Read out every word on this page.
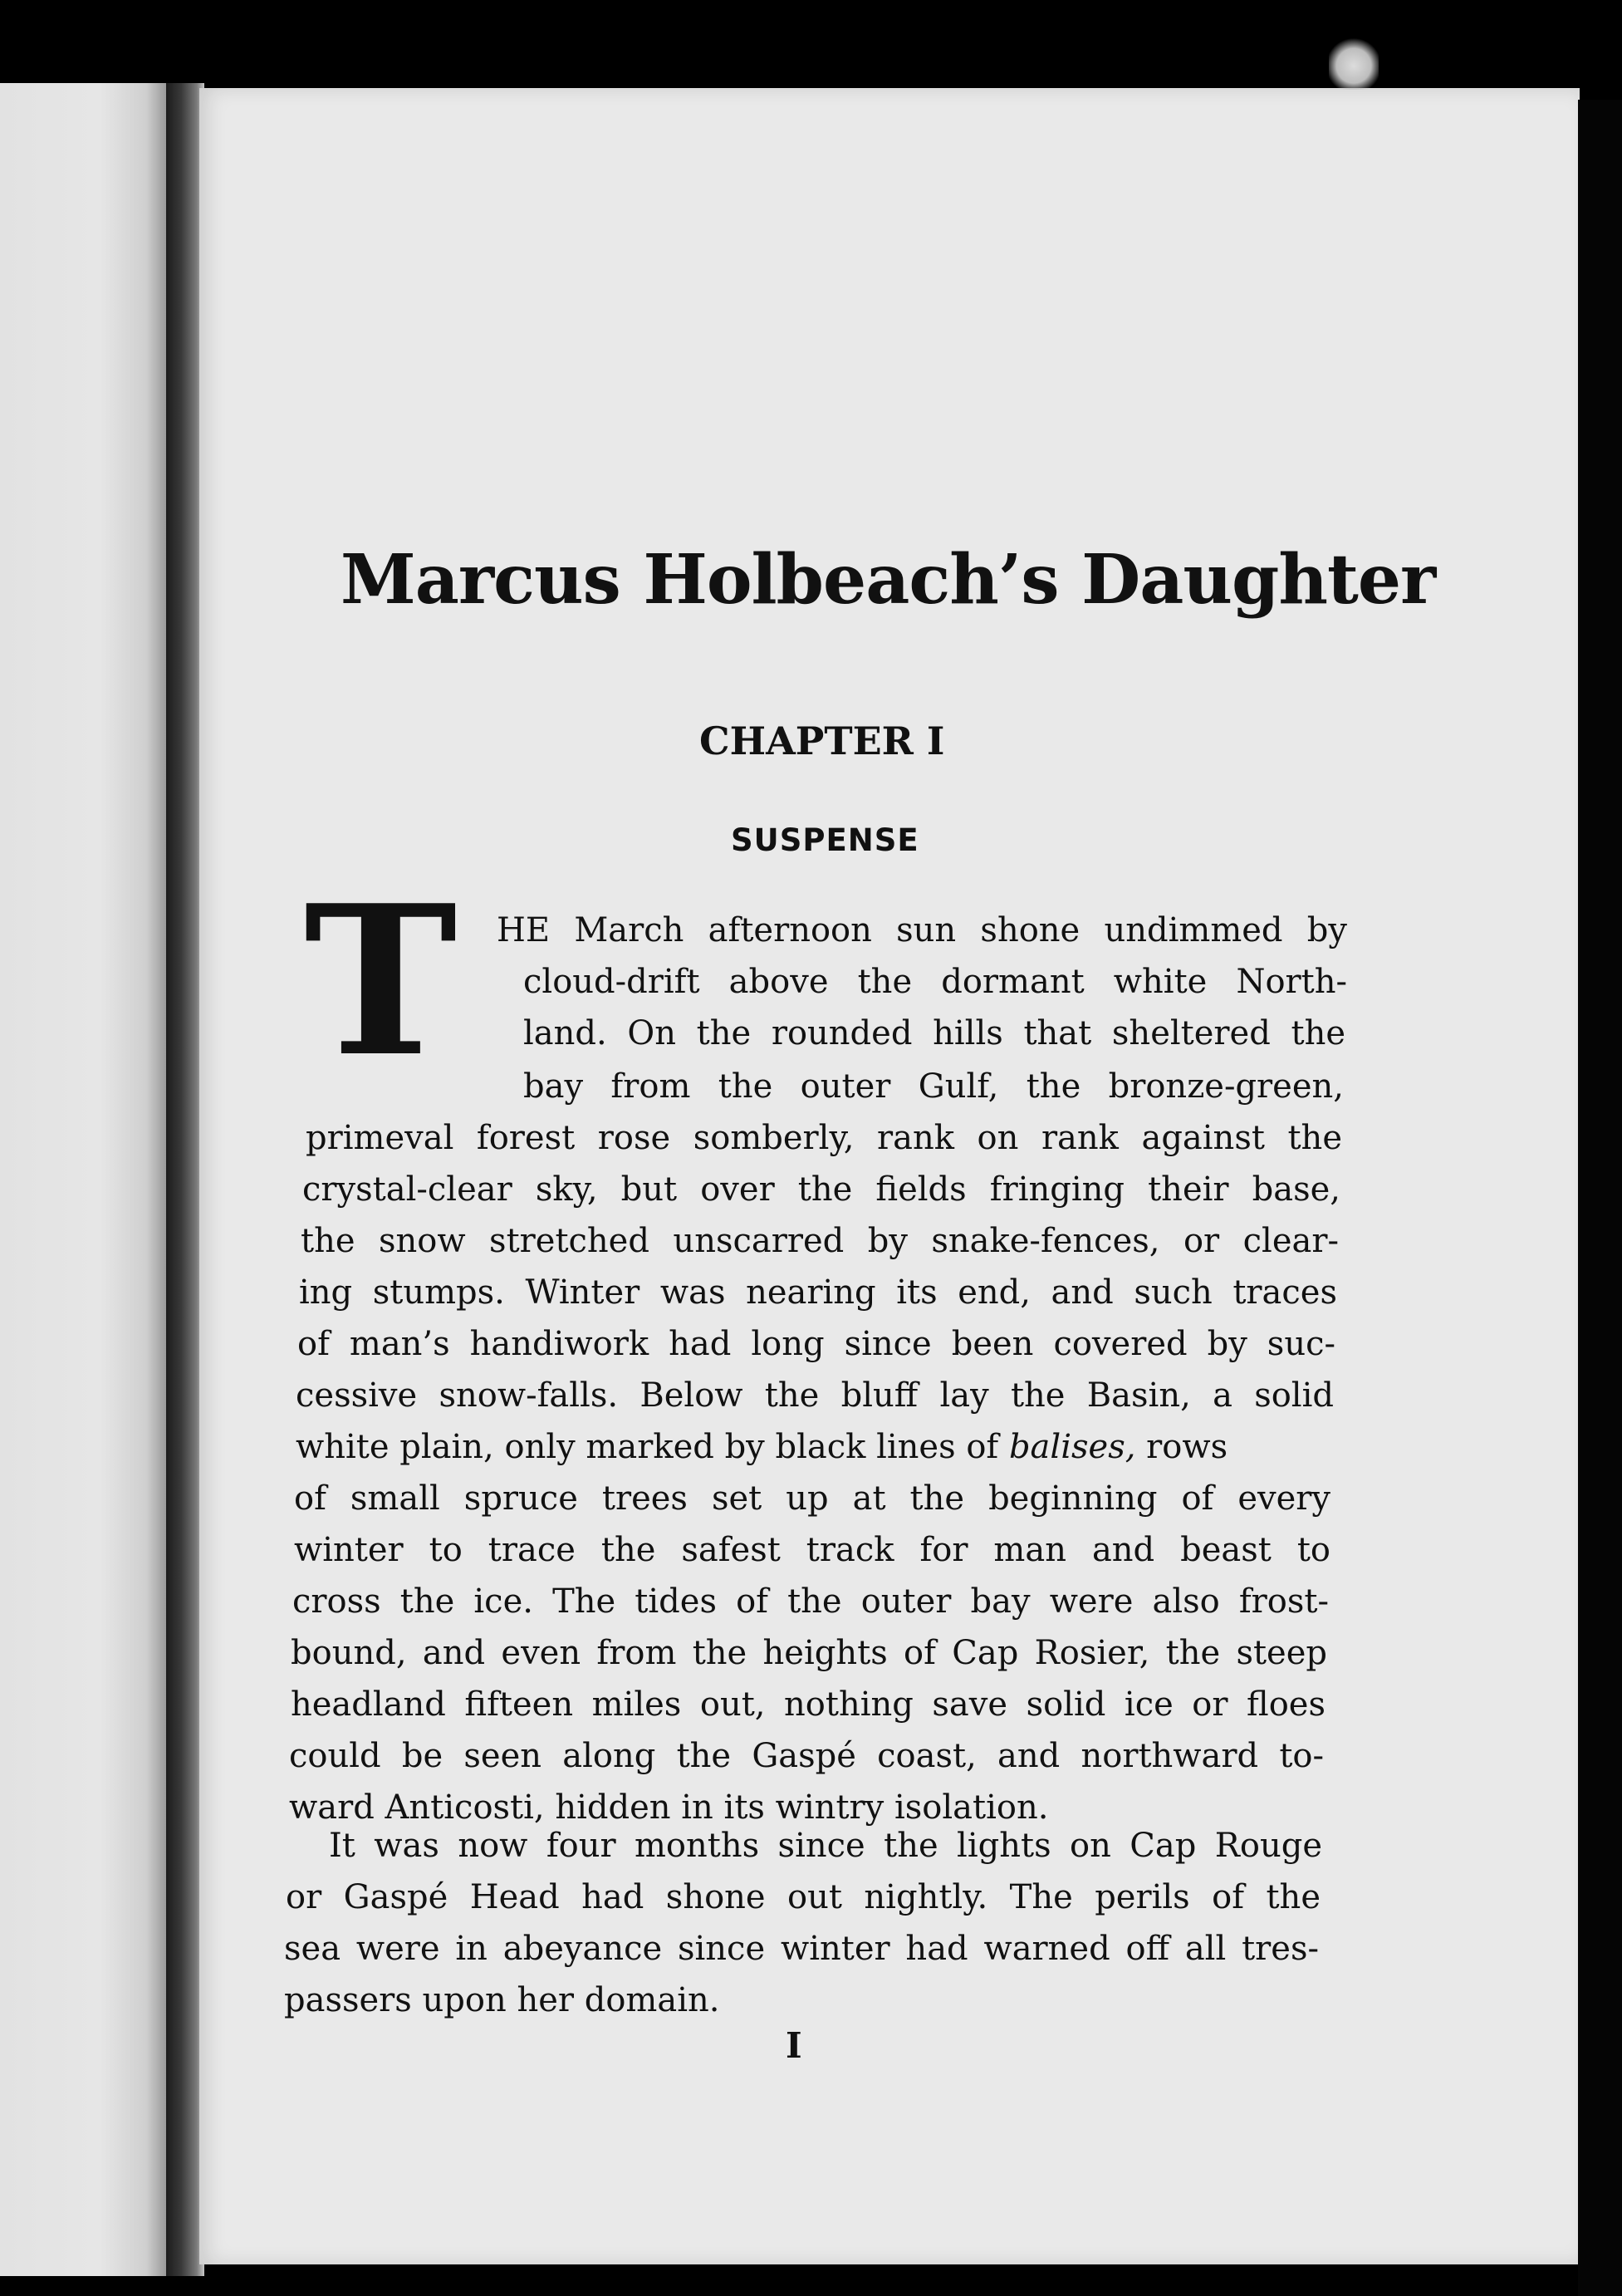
Marcus Holbeach’s Daughter
CHAPTER I
SUSPENSE
T HE March afternoon sun shone undimmed by

cloud-drift above the dormant white North-

land. On the rounded hills that sheltered the

bay from the outer Gulf, the bronze-green,

primeval forest rose somberly, rank on rank against the

crystal-clear sky, but over the fields fringing their base,

the snow stretched unscarred by snake-fences, or clear-

ing stumps. Winter was nearing its end, and such traces

of man’s handiwork had long since been covered by suc-

cessive snow-falls. Below the bluff lay the Basin, a solid

white plain, only marked by black lines of balises, rows

of small spruce trees set up at the beginning of every

winter to trace the safest track for man and beast to

cross the ice. The tides of the outer bay were also frost-

bound, and even from the heights of Cap Rosier, the steep

headland fifteen miles out, nothing save solid ice or floes

could be seen along the Gaspé coast, and northward to-

ward Anticosti, hidden in its wintry isolation.

It was now four months since the lights on Cap Rouge

or Gaspé Head had shone out nightly. The perils of the

sea were in abeyance since winter had warned off all tres-

passers upon her domain.

I
